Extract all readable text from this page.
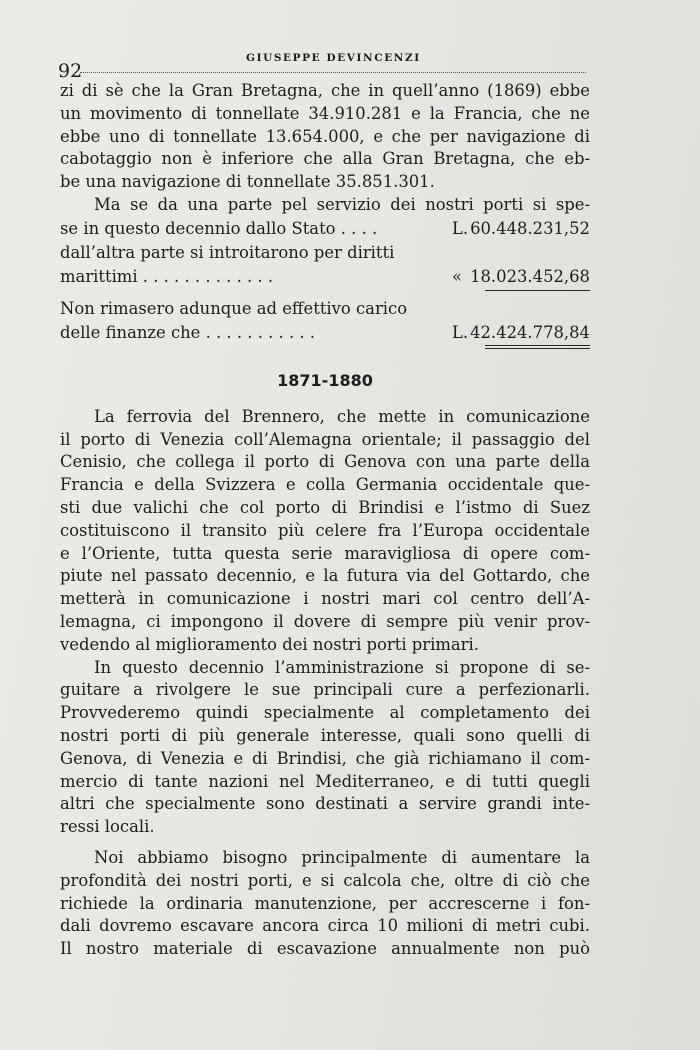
92
GIUSEPPE DEVINCENZI
zi di sè che la Gran Bretagna, che in quell’anno (1869) ebbe
un movimento di tonnellate 34.910.281 e la Francia, che ne
ebbe uno di tonnellate 13.654.000, e che per navigazione di
cabotaggio non è inferiore che alla Gran Bretagna, che eb-
be una navigazione di tonnellate 35.851.301.
Ma se da una parte pel servizio dei nostri porti si spe-
se in questo decennio dallo Stato . . . .	L. 60.448.231,52
dall’altra parte si introitarono per diritti
marittimi . . . . . . . . . . . . .	« 18.023.452,68
Non rimasero adunque ad effettivo carico
delle finanze che . . . . . . . . . . .	L. 42.424.778,84
1871-1880
La ferrovia del Brennero, che mette in comunicazione
il porto di Venezia coll’Alemagna orientale; il passaggio del
Cenisio, che collega il porto di Genova con una parte della
Francia e della Svizzera e colla Germania occidentale que-
sti due valichi che col porto di Brindisi e l’istmo di Suez
costituiscono il transito più celere fra l’Europa occidentale
e l’Oriente, tutta questa serie maravigliosa di opere com-
piute nel passato decennio, e la futura via del Gottardo, che
metterà in comunicazione i nostri mari col centro dell’A-
lemagna, ci impongono il dovere di sempre più venir prov-
vedendo al miglioramento dei nostri porti primari.
In questo decennio l’amministrazione si propone di se-
guitare a rivolgere le sue principali cure a perfezionarli.
Provvederemo quindi specialmente al completamento dei
nostri porti di più generale interesse, quali sono quelli di
Genova, di Venezia e di Brindisi, che già richiamano il com-
mercio di tante nazioni nel Mediterraneo, e di tutti quegli
altri che specialmente sono destinati a servire grandi inte-
ressi locali.
Noi abbiamo bisogno principalmente di aumentare la
profondità dei nostri porti, e si calcola che, oltre di ciò che
richiede la ordinaria manutenzione, per accrescerne i fon-
dali dovremo escavare ancora circa 10 milioni di metri cubi.
Il nostro materiale di escavazione annualmente non può
